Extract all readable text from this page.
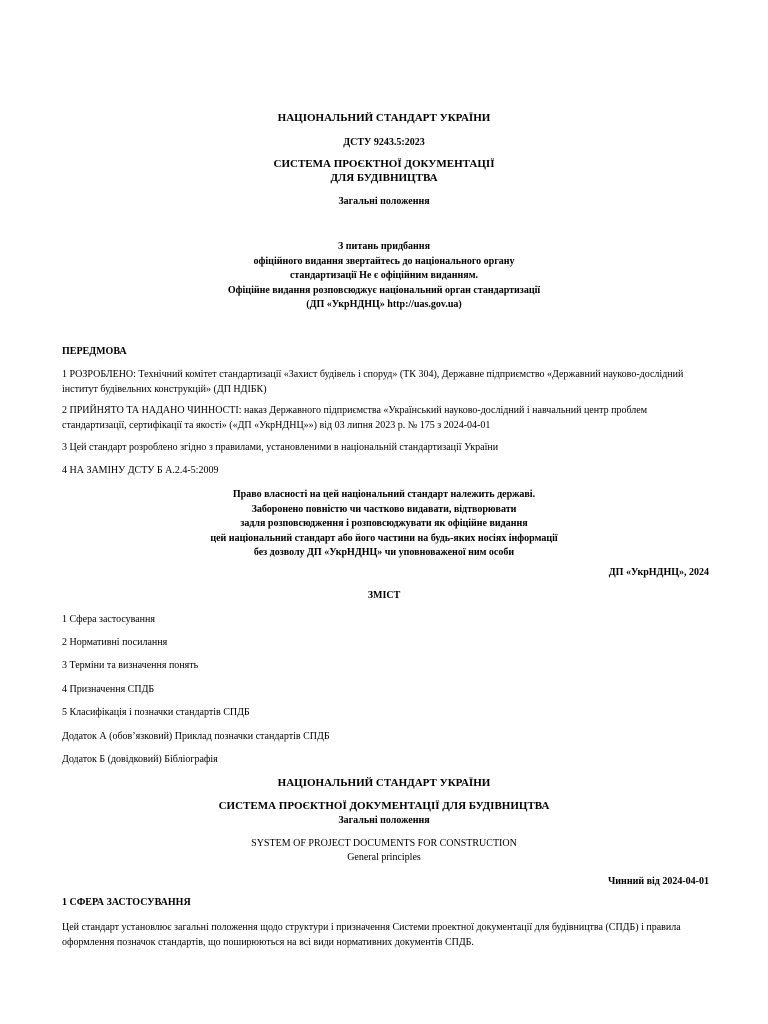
НАЦІОНАЛЬНИЙ СТАНДАРТ УКРАЇНИ
ДСТУ 9243.5:2023
СИСТЕМА ПРОЄКТНОЇ ДОКУМЕНТАЦІЇ
ДЛЯ БУДІВНИЦТВА
Загальні положення
З питань придбання
офіційного видання звертайтесь до національного органу
стандартизації Не є офіційним виданням.
Офіційне видання розповсюджує національний орган стандартизації
(ДП «УкрНДНЦ» http://uas.gov.ua)
ПЕРЕДМОВА
1 РОЗРОБЛЕНО: Технічний комітет стандартизації «Захист будівель і споруд» (ТК 304), Державне підприємство «Державний науково-дослідний інститут будівельних конструкцій» (ДП НДІБК)
2 ПРИЙНЯТО ТА НАДАНО ЧИННОСТІ: наказ Державного підприємства «Український науково-дослідний і навчальний центр проблем стандартизації, сертифікації та якості» («ДП «УкрНДНЦ»») від 03 липня 2023 р. № 175 з 2024-04-01
3 Цей стандарт розроблено згідно з правилами, установленими в національній стандартизації України
4 НА ЗАМІНУ ДСТУ Б А.2.4-5:2009
Право власності на цей національний стандарт належить державі.
Заборонено повністю чи частково видавати, відтворювати
задля розповсюдження і розповсюджувати як офіційне видання
цей національний стандарт або його частини на будь-яких носіях інформації
без дозволу ДП «УкрНДНЦ» чи уповноваженої ним особи
ДП «УкрНДНЦ», 2024
ЗМІСТ
1 Сфера застосування
2 Нормативні посилання
3 Терміни та визначення понять
4 Призначення СПДБ
5 Класифікація і позначки стандартів СПДБ
Додаток А (обов’язковий) Приклад позначки стандартів СПДБ
Додаток Б (довідковий) Бібліографія
НАЦІОНАЛЬНИЙ СТАНДАРТ УКРАЇНИ
СИСТЕМА ПРОЄКТНОЇ ДОКУМЕНТАЦІЇ ДЛЯ БУДІВНИЦТВА
Загальні положення
SYSTEM OF PROJECT DOCUMENTS FOR CONSTRUCTION
General principles
Чинний від 2024-04-01
1 СФЕРА ЗАСТОСУВАННЯ
Цей стандарт установлює загальні положення щодо структури і призначення Системи проектної документації для будівництва (СПДБ) і правила оформлення позначок стандартів, що поширюються на всі види нормативних документів СПДБ.
